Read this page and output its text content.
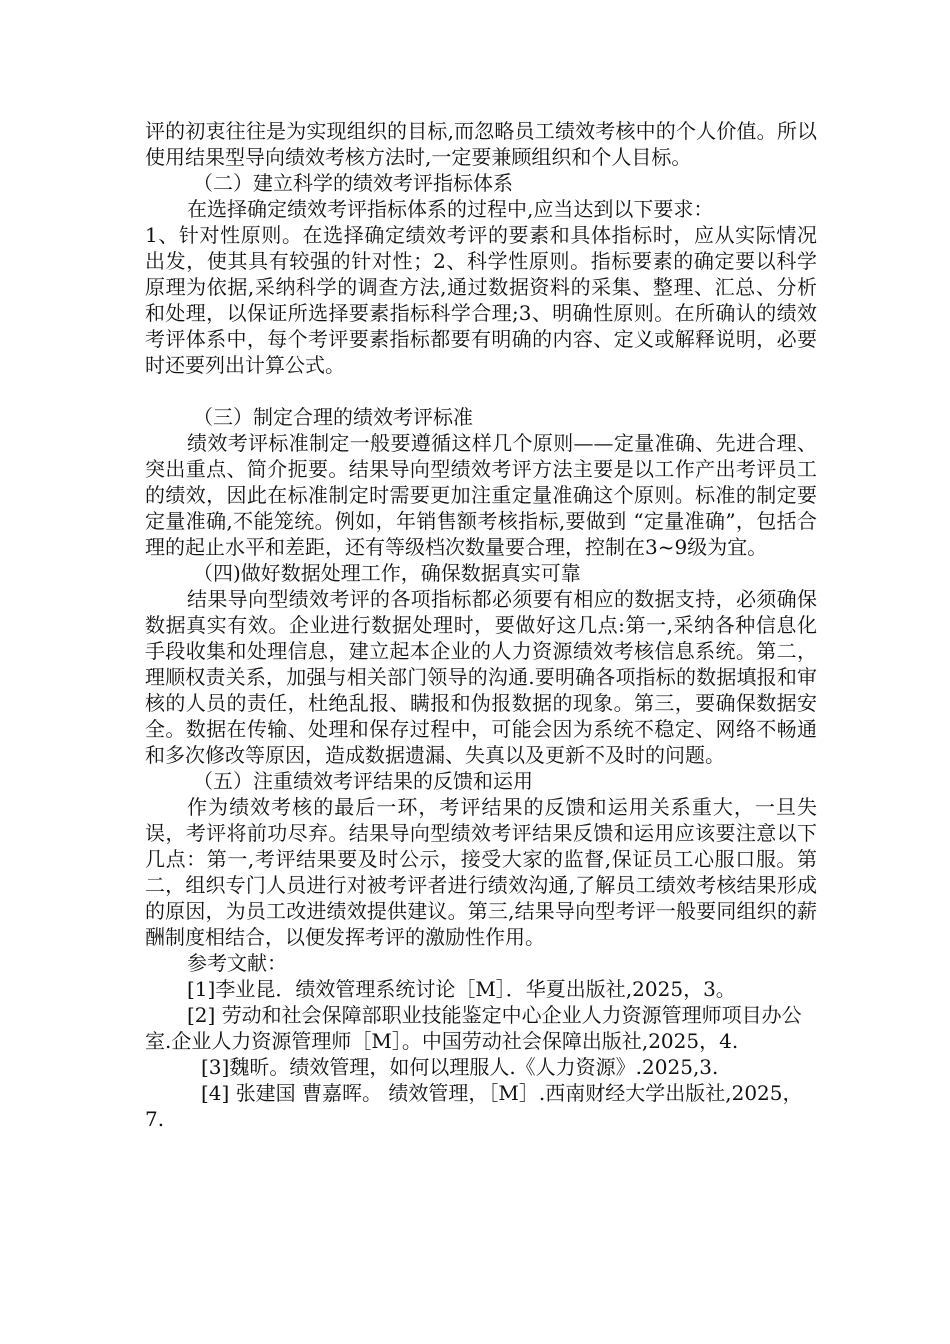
评的初衷往往是为实现组织的目标,而忽略员工绩效考核中的个人价值。所以使用结果型导向绩效考核方法时,一定要兼顾组织和个人目标。

（二）建立科学的绩效考评指标体系

在选择确定绩效考评指标体系的过程中,应当达到以下要求：

1、针对性原则。在选择确定绩效考评的要素和具体指标时，应从实际情况出发，使其具有较强的针对性；2、科学性原则。指标要素的确定要以科学原理为依据,采纳科学的调查方法,通过数据资料的采集、整理、汇总、分析和处理，以保证所选择要素指标科学合理;3、明确性原则。在所确认的绩效考评体系中，每个考评要素指标都要有明确的内容、定义或解释说明，必要时还要列出计算公式。

（三）制定合理的绩效考评标准

绩效考评标准制定一般要遵循这样几个原则——定量准确、先进合理、突出重点、简介扼要。结果导向型绩效考评方法主要是以工作产出考评员工的绩效，因此在标准制定时需要更加注重定量准确这个原则。标准的制定要定量准确,不能笼统。例如，年销售额考核指标,要做到 “定量准确”，包括合理的起止水平和差距，还有等级档次数量要合理，控制在3~9级为宜。

（四)做好数据处理工作，确保数据真实可靠

结果导向型绩效考评的各项指标都必须要有相应的数据支持，必须确保数据真实有效。企业进行数据处理时，要做好这几点:第一,采纳各种信息化手段收集和处理信息，建立起本企业的人力资源绩效考核信息系统。第二，理顺权责关系，加强与相关部门领导的沟通.要明确各项指标的数据填报和审核的人员的责任，杜绝乱报、瞒报和伪报数据的现象。第三，要确保数据安全。数据在传输、处理和保存过程中，可能会因为系统不稳定、网络不畅通和多次修改等原因，造成数据遗漏、失真以及更新不及时的问题。

（五）注重绩效考评结果的反馈和运用

作为绩效考核的最后一环，考评结果的反馈和运用关系重大，一旦失误，考评将前功尽弃。结果导向型绩效考评结果反馈和运用应该要注意以下几点：第一,考评结果要及时公示，接受大家的监督,保证员工心服口服。第二，组织专门人员进行对被考评者进行绩效沟通,了解员工绩效考核结果形成的原因，为员工改进绩效提供建议。第三,结果导向型考评一般要同组织的薪酬制度相结合，以便发挥考评的激励性作用。

参考文献：

[1]李业昆．绩效管理系统讨论［M］．华夏出版社,2025，3。

[2] 劳动和社会保障部职业技能鉴定中心企业人力资源管理师项目办公室.企业人力资源管理师［M］。中国劳动社会保障出版社,2025，4.

[3]魏昕。绩效管理，如何以理服人.《人力资源》.2025,3.

[4] 张建国 曹嘉晖。 绩效管理，［M］.西南财经大学出版社,2025，7.
